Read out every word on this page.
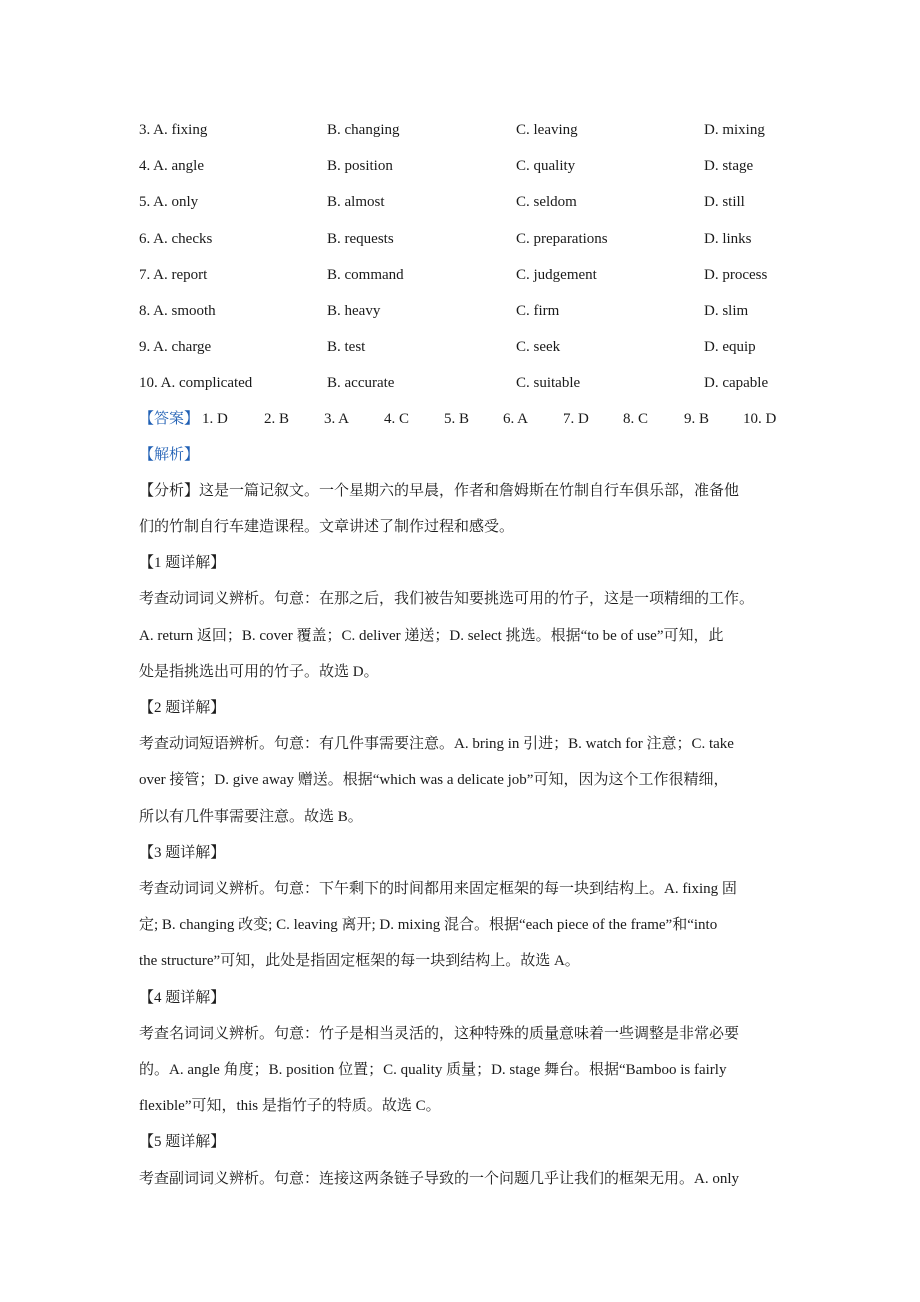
3. A. fixing	B. changing	C. leaving	D. mixing
4. A. angle	B. position	C. quality	D. stage
5. A. only	B. almost	C. seldom	D. still
6. A. checks	B. requests	C. preparations	D. links
7. A. report	B. command	C. judgement	D. process
8. A. smooth	B. heavy	C. firm	D. slim
9. A. charge	B. test	C. seek	D. equip
10. A. complicated	B. accurate	C. suitable	D. capable
【答案】 1. D 2. B 3. A 4. C 5. B 6. A 7. D 8. C 9. B 10. D
【解析】
【分析】这是一篇记叙文。一个星期六的早晨，作者和詹姆斯在竹制自行车俱乐部，准备他
们的竹制自行车建造课程。文章讲述了制作过程和感受。
【1 题详解】
考查动词词义辨析。句意：在那之后，我们被告知要挑选可用的竹子，这是一项精细的工作。
A. return 返回；B. cover 覆盖；C. deliver 递送；D. select 挑选。根据“to be of use”可知，此
处是指挑选出可用的竹子。故选 D。
【2 题详解】
考查动词短语辨析。句意：有几件事需要注意。A. bring in 引进；B. watch for 注意；C. take
over 接管；D. give away 赠送。根据“which was a delicate job”可知，因为这个工作很精细，
所以有几件事需要注意。故选 B。
【3 题详解】
考查动词词义辨析。句意：下午剩下的时间都用来固定框架的每一块到结构上。A. fixing 固
定; B. changing 改变; C. leaving 离开; D. mixing 混合。根据“each piece of the frame”和“into
the structure”可知，此处是指固定框架的每一块到结构上。故选 A。
【4 题详解】
考查名词词义辨析。句意：竹子是相当灵活的，这种特殊的质量意味着一些调整是非常必要
的。A. angle 角度；B. position 位置；C. quality 质量；D. stage 舞台。根据“Bamboo is fairly
flexible”可知，this 是指竹子的特质。故选 C。
【5 题详解】
考查副词词义辨析。句意：连接这两条链子导致的一个问题几乎让我们的框架无用。A. only
